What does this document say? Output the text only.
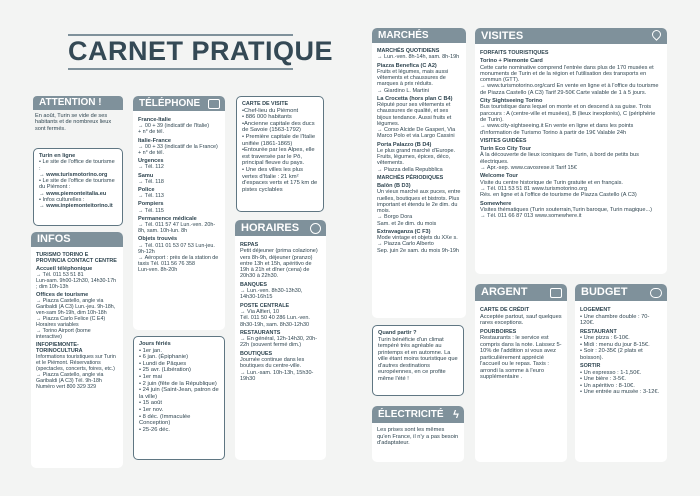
CARNET PRATIQUE
ATTENTION !
En août, Turin se vide de ses habitants et de nombreux lieux sont fermés.
Turin en ligne
• Le site de l'office de tourisme :
→ www.turismotorino.org
• Le site de l'office de tourisme du Piémont :
→ www.piemonteitalia.eu
• Infos culturelles :
→ www.inpiemonteitorino.it
INFOS
TURISMO TORINO E PROVINCIA CONTACT CENTRE
Accueil téléphonique
→ Tél. 011 53 51 81
Lun-sam. 9h00-12h30, 14h30-17h ; dim 10h-13h
Offices de tourisme
→ Piazza Castello, angle via Garibaldi (A C3) Lun.-jeu. 9h-18h, ven-sam 9h-19h, dim 10h-18h
→ Piazza Carlo Felice (C E4) Horaires variables
→ Torino Airport (borne interactive)
INFOPIEMONTE-TORINOCULTURA
Informations touristiques sur Turin et le Piémont. Réservations (spectacles, concerts, foires, etc.)
→ Piazza Castello, angle via Garibaldi (A C3) Tél. 9h-18h
Numéro vert 800 329 329
TÉLÉPHONE
France-Italie
→ 00 + 39 (indicatif de l'Italie)
+ n° de tél.
Italie-France
→ 00 + 33 (indicatif de la France)
+ n° de tél.
Urgences
→ Tél. 112
Samu
→ Tél. 118
Police
→ Tél. 113
Pompiers
→ Tél. 115
Permanence médicale
→ Tél. 011 57 47 Lun.-ven. 20h-8h, sam. 10h-lun. 8h
Objets trouvés
→ Tél. 011 01 53 07 53 Lun-jeu. 9h-12h
→ Aéroport : près de la station de taxis Tél. 011 56 76 358
Lun-ven. 8h-20h
Jours fériés
• 1er jan.
• 6 jan. (Épiphanie)
• Lundi de Pâques
• 25 avr. (Libération)
• 1er mai
• 2 juin (fête de la République)
• 24 juin (Saint-Jean, patron de la ville)
• 15 août
• 1er nov.
• 8 déc. (Immaculée Conception)
• 25-26 déc.
CARTE DE VISITE
•Chef-lieu du Piémont
• 886 000 habitants
•Ancienne capitale des ducs de Savoie (1563-1792)
• Première capitale de l'Italie unifiée (1861-1865)
•Entourée par les Alpes, elle est traversée par le Pô, principal fleuve du pays.
• Une des villes les plus vertes d'Italie : 21 km² d'espaces verts et 175 km de pistes cyclables
HORAIRES
REPAS
Petit déjeuner (prima colazione) vers 8h-9h, déjeuner (pranzo) entre 13h et 15h, apéritivo de 19h à 21h et dîner (cena) de 20h30 à 22h30.
BANQUES
→ Lun.-ven. 8h30-13h30, 14h30-16h15
POSTE CENTRALE
→ Via Alfieri, 10
Tél. 011 50 40 286 Lun.-ven. 8h30-19h, sam. 8h30-12h30
RESTAURANTS
→ En général, 12h-14h30, 20h-22h (souvent fermé dim.)
BOUTIQUES
Journée continue dans les boutiques du centre-ville.
→ Lun.-sam. 10h-13h, 15h30-19h30
MARCHÉS
MARCHÉS QUOTIDIENS
→ Lun.-ven. 8h-14h, sam. 8h-19h
Piazza Benefica (C A2)
Fruits et légumes, mais aussi vêtements et chaussures de marques à prix réduits.
→ Giardino L. Martini
La Crocetta (hors plan C B4)
Réputé pour ses vêtements et chaussures de qualité, et ses bijoux tendance. Aussi fruits et légumes.
→ Corso Alcide De Gasperi, Via Marco Polo et via Largo Cassini
Porta Palazzo (B D4)
Le plus grand marché d'Europe. Fruits, légumes, épices, déco, vêtements.
→ Piazza della Repubblica
MARCHÉS PÉRIODIQUES
Balôn (B D3)
Un vieux marché aux puces, entre ruelles, boutiques et bistrots. Plus important et étendu le 2e dim. du mois.
→ Borgo Dora
Sam. et 2e dim. du mois
Extravaganza (C F3)
Mode vintage et objets du XXe s.
→ Piazza Carlo Alberto
Sep. juin 2e sam. du mois 9h-19h
Quand partir ?
Turin bénéficie d'un climat tempéré très agréable au printemps et en automne. La ville étant moins touristique que d'autres destinations européennes, en ce profite même l'été !
ÉLECTRICITÉ ϟ
Les prises sont les mêmes qu'en France, il n'y a pas besoin d'adaptateur.
VISITES
FORFAITS TOURISTIQUES
Torino + Piemonte Card
Cette carte nominative comprend l'entrée dans plus de 170 musées et monuments de Turin et de la région et l'utilisation des transports en commun (GTT).
→ www.turismotorino.org/card En vente en ligne et à l'office du tourisme de Piazza Castello (A C3) Tarif 29-50€ Carte valable de 1 à 5 jours.
City Sightseeing Torino
Bus touristique dans lequel on monte et on descend à sa guise. Trois parcours : A (centre-ville et musées), B (lieux inexplorés), C (périphérie de Turin).
→ www.city-sightseeing.it En vente en ligne et dans les points d'information de Turismo Torino à partir de 19€ Valable 24h
VISITES GUIDÉES
Turin Eco City Tour
À la découverte de lieux iconiques de Turin, à bord de petits bus électriques.
→ Apr.-sep. www.cavosrese.it Tarif 15€
Welcome Tour
Visite du centre historique de Turin gratuite et en français.
→ Tél. 011 53 51 81 www.turismotorino.org
Rés. en ligne et à l'office de tourisme de Piazza Castello (A C3)
Somewhere
Visites thématiques (Turin souterrain,Turin baroque, Turin magique...)
→ Tél. 011 66 87 013 www.somewhere.it
ARGENT
CARTE DE CRÉDIT
Acceptée partout, sauf quelques rares exceptions.
POURBOIRES
Restaurants : le service est compris dans la note. Laissez 5-10% de l'addition si vous avez particulièrement apprécié l'accueil ou le repas. Taxis : arrondi la somme à l'euro supplémentaire .
BUDGET
LOGEMENT
• Une chambre double : 70-120€.
RESTAURANT
• Une pizza : 6-10€.
• Midi : menu du jour 8-15€.
• Soir : 20-35€ (2 plats et boisson).
SORTIR
• Un expresso : 1-1,50€.
• Une bière : 3-5€.
• Un apéritivo : 8-10€.
• Une entrée au musée : 3-12€.
